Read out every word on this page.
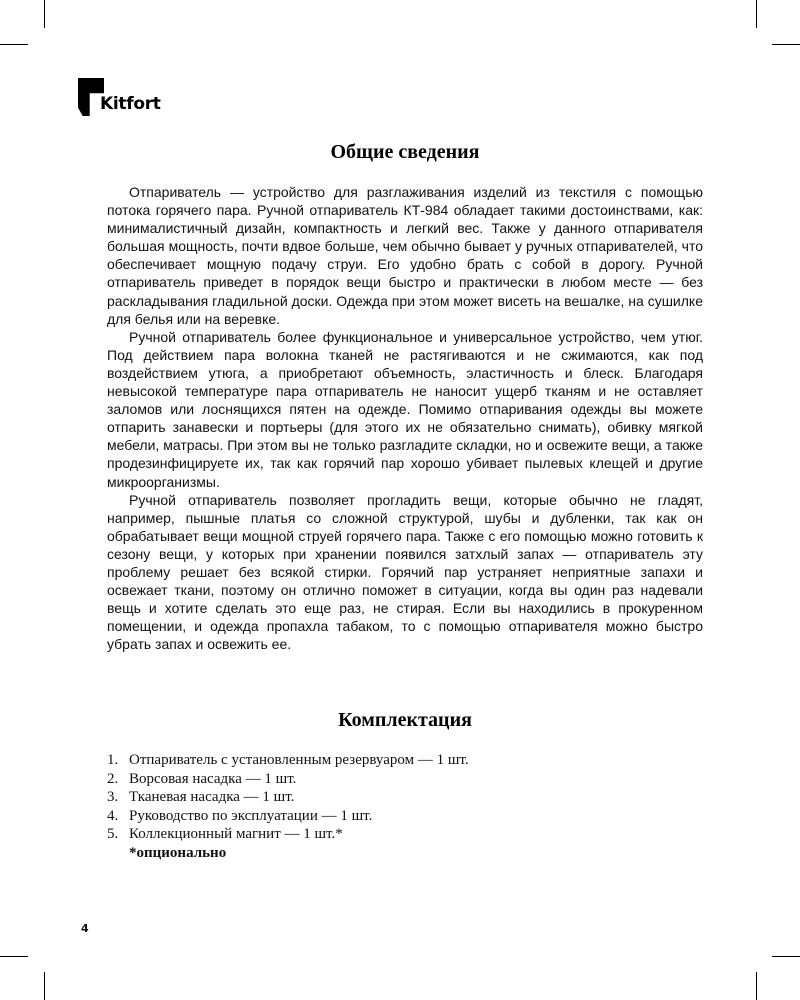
Kitfort
Общие сведения

Отпариватель — устройство для разглаживания изделий из текстиля с помощью потока горячего пара. Ручной отпариватель КТ-984 обладает такими достоинствами, как: минималистичный дизайн, компактность и легкий вес. Также у данного отпаривателя большая мощность, почти вдвое больше, чем обычно бывает у ручных отпаривателей, что обеспечивает мощную подачу струи. Его удобно брать с собой в дорогу. Ручной отпариватель приведет в порядок вещи быстро и практически в любом месте — без раскладывания гладильной доски. Одежда при этом может висеть на вешалке, на сушилке для белья или на веревке.

Ручной отпариватель более функциональное и универсальное устройство, чем утюг. Под действием пара волокна тканей не растягиваются и не сжимаются, как под воздействием утюга, а приобретают объемность, эластичность и блеск. Благодаря невысокой температуре пара отпариватель не наносит ущерб тканям и не оставляет заломов или лоснящихся пятен на одежде. Помимо отпаривания одежды вы можете отпарить занавески и портьеры (для этого их не обязательно снимать), обивку мягкой мебели, матрасы. При этом вы не только разгладите складки, но и освежите вещи, а также продезинфицируете их, так как горячий пар хорошо убивает пылевых клещей и другие микроорганизмы.

Ручной отпариватель позволяет прогладить вещи, которые обычно не гладят, например, пышные платья со сложной структурой, шубы и дубленки, так как он обрабатывает вещи мощной струей горячего пара. Также с его помощью можно готовить к сезону вещи, у которых при хранении появился затхлый запах — отпариватель эту проблему решает без всякой стирки. Горячий пар устраняет неприятные запахи и освежает ткани, поэтому он отлично поможет в ситуации, когда вы один раз надевали вещь и хотите сделать это еще раз, не стирая. Если вы находились в прокуренном помещении, и одежда пропахла табаком, то с помощью отпаривателя можно быстро убрать запах и освежить ее.

Комплектация
1. Отпариватель с установленным резервуаром — 1 шт.
2. Ворсовая насадка — 1 шт.
3. Тканевая насадка — 1 шт.
4. Руководство по эксплуатации — 1 шт.
5. Коллекционный магнит — 1 шт.*
*опционально
4
